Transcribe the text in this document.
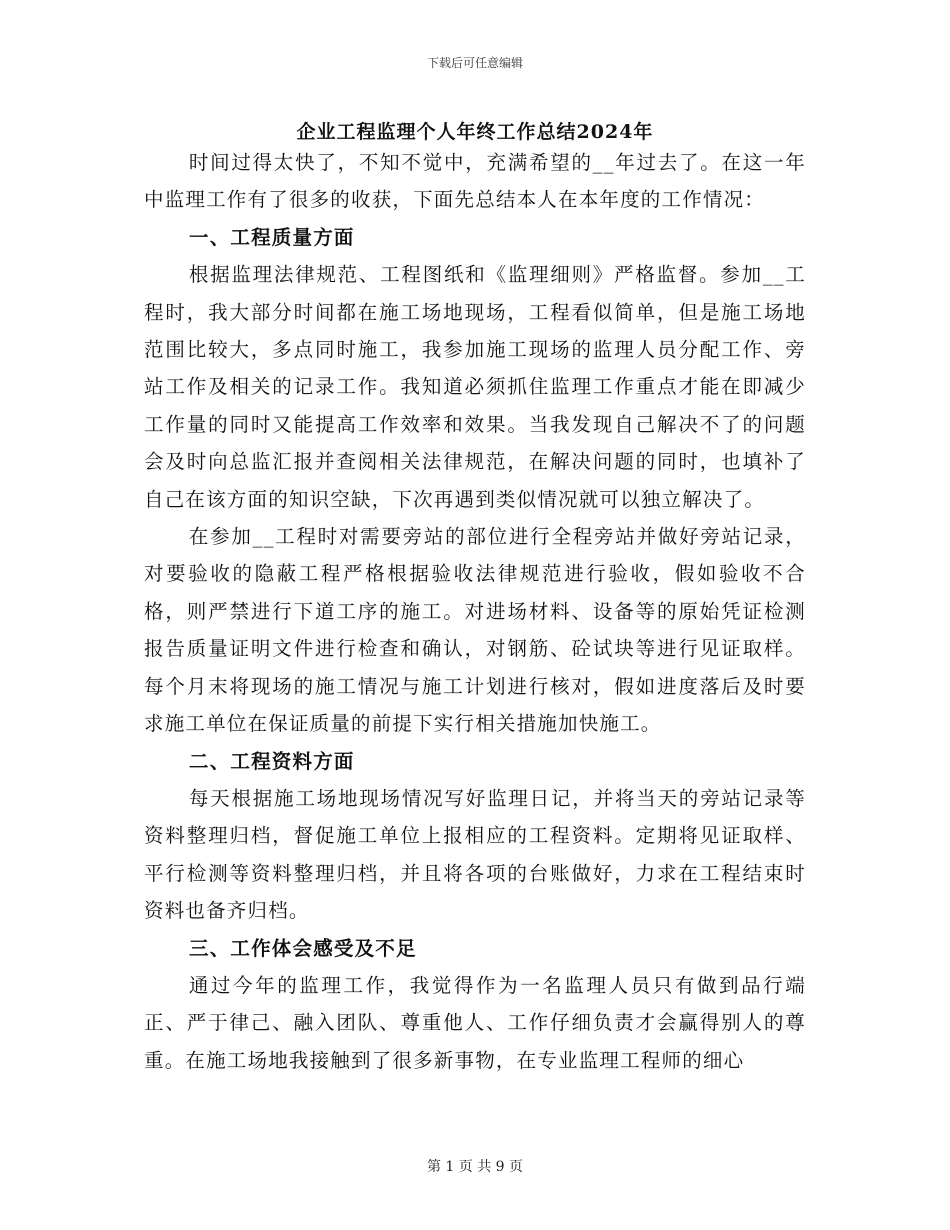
下载后可任意编辑
企业工程监理个人年终工作总结2024年

时间过得太快了，不知不觉中，充满希望的__年过去了。在这一年中监理工作有了很多的收获，下面先总结本人在本年度的工作情况：

一、工程质量方面

根据监理法律规范、工程图纸和《监理细则》严格监督。参加__工程时，我大部分时间都在施工场地现场，工程看似简单，但是施工场地范围比较大，多点同时施工，我参加施工现场的监理人员分配工作、旁站工作及相关的记录工作。我知道必须抓住监理工作重点才能在即减少工作量的同时又能提高工作效率和效果。当我发现自己解决不了的问题会及时向总监汇报并查阅相关法律规范，在解决问题的同时，也填补了自己在该方面的知识空缺，下次再遇到类似情况就可以独立解决了。

在参加__工程时对需要旁站的部位进行全程旁站并做好旁站记录，对要验收的隐蔽工程严格根据验收法律规范进行验收，假如验收不合格，则严禁进行下道工序的施工。对进场材料、设备等的原始凭证检测报告质量证明文件进行检查和确认，对钢筋、砼试块等进行见证取样。每个月末将现场的施工情况与施工计划进行核对，假如进度落后及时要求施工单位在保证质量的前提下实行相关措施加快施工。

二、工程资料方面

每天根据施工场地现场情况写好监理日记，并将当天的旁站记录等资料整理归档，督促施工单位上报相应的工程资料。定期将见证取样、平行检测等资料整理归档，并且将各项的台账做好，力求在工程结束时资料也备齐归档。

三、工作体会感受及不足

通过今年的监理工作，我觉得作为一名监理人员只有做到品行端正、严于律己、融入团队、尊重他人、工作仔细负责才会赢得别人的尊重。在施工场地我接触到了很多新事物，在专业监理工程师的细心

第 1 页 共 9 页
